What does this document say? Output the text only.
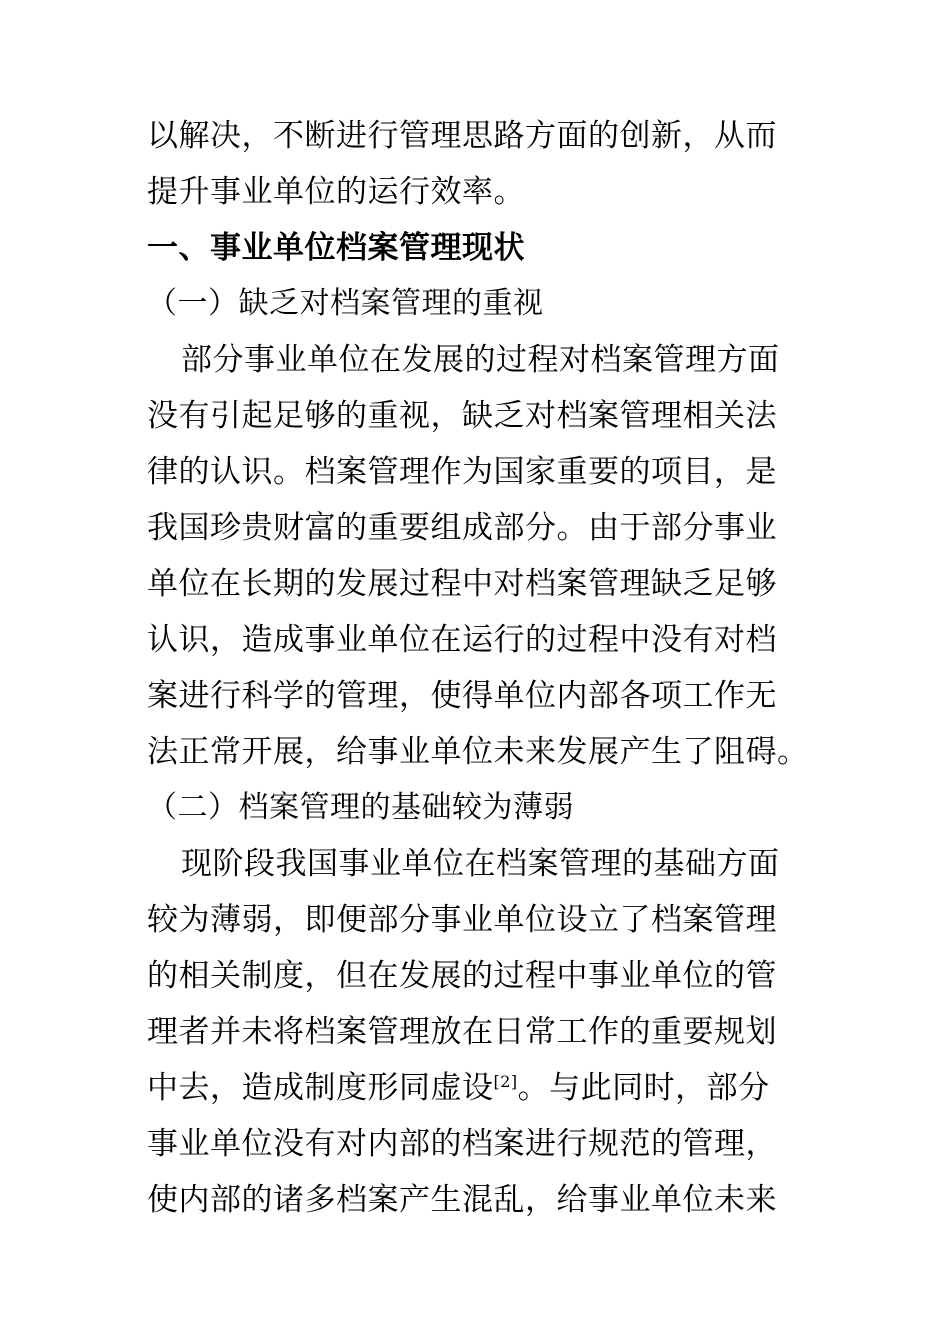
以解决，不断进行管理思路方面的创新，从而
提升事业单位的运行效率。
一、事业单位档案管理现状
（一）缺乏对档案管理的重视
部分事业单位在发展的过程对档案管理方面
没有引起足够的重视，缺乏对档案管理相关法
律的认识。档案管理作为国家重要的项目，是
我国珍贵财富的重要组成部分。由于部分事业
单位在长期的发展过程中对档案管理缺乏足够
认识，造成事业单位在运行的过程中没有对档
案进行科学的管理，使得单位内部各项工作无
法正常开展，给事业单位未来发展产生了阻碍。
（二）档案管理的基础较为薄弱
现阶段我国事业单位在档案管理的基础方面
较为薄弱，即便部分事业单位设立了档案管理
的相关制度，但在发展的过程中事业单位的管
理者并未将档案管理放在日常工作的重要规划
中去，造成制度形同虚设[2]。与此同时，部分
事业单位没有对内部的档案进行规范的管理，
使内部的诸多档案产生混乱，给事业单位未来
